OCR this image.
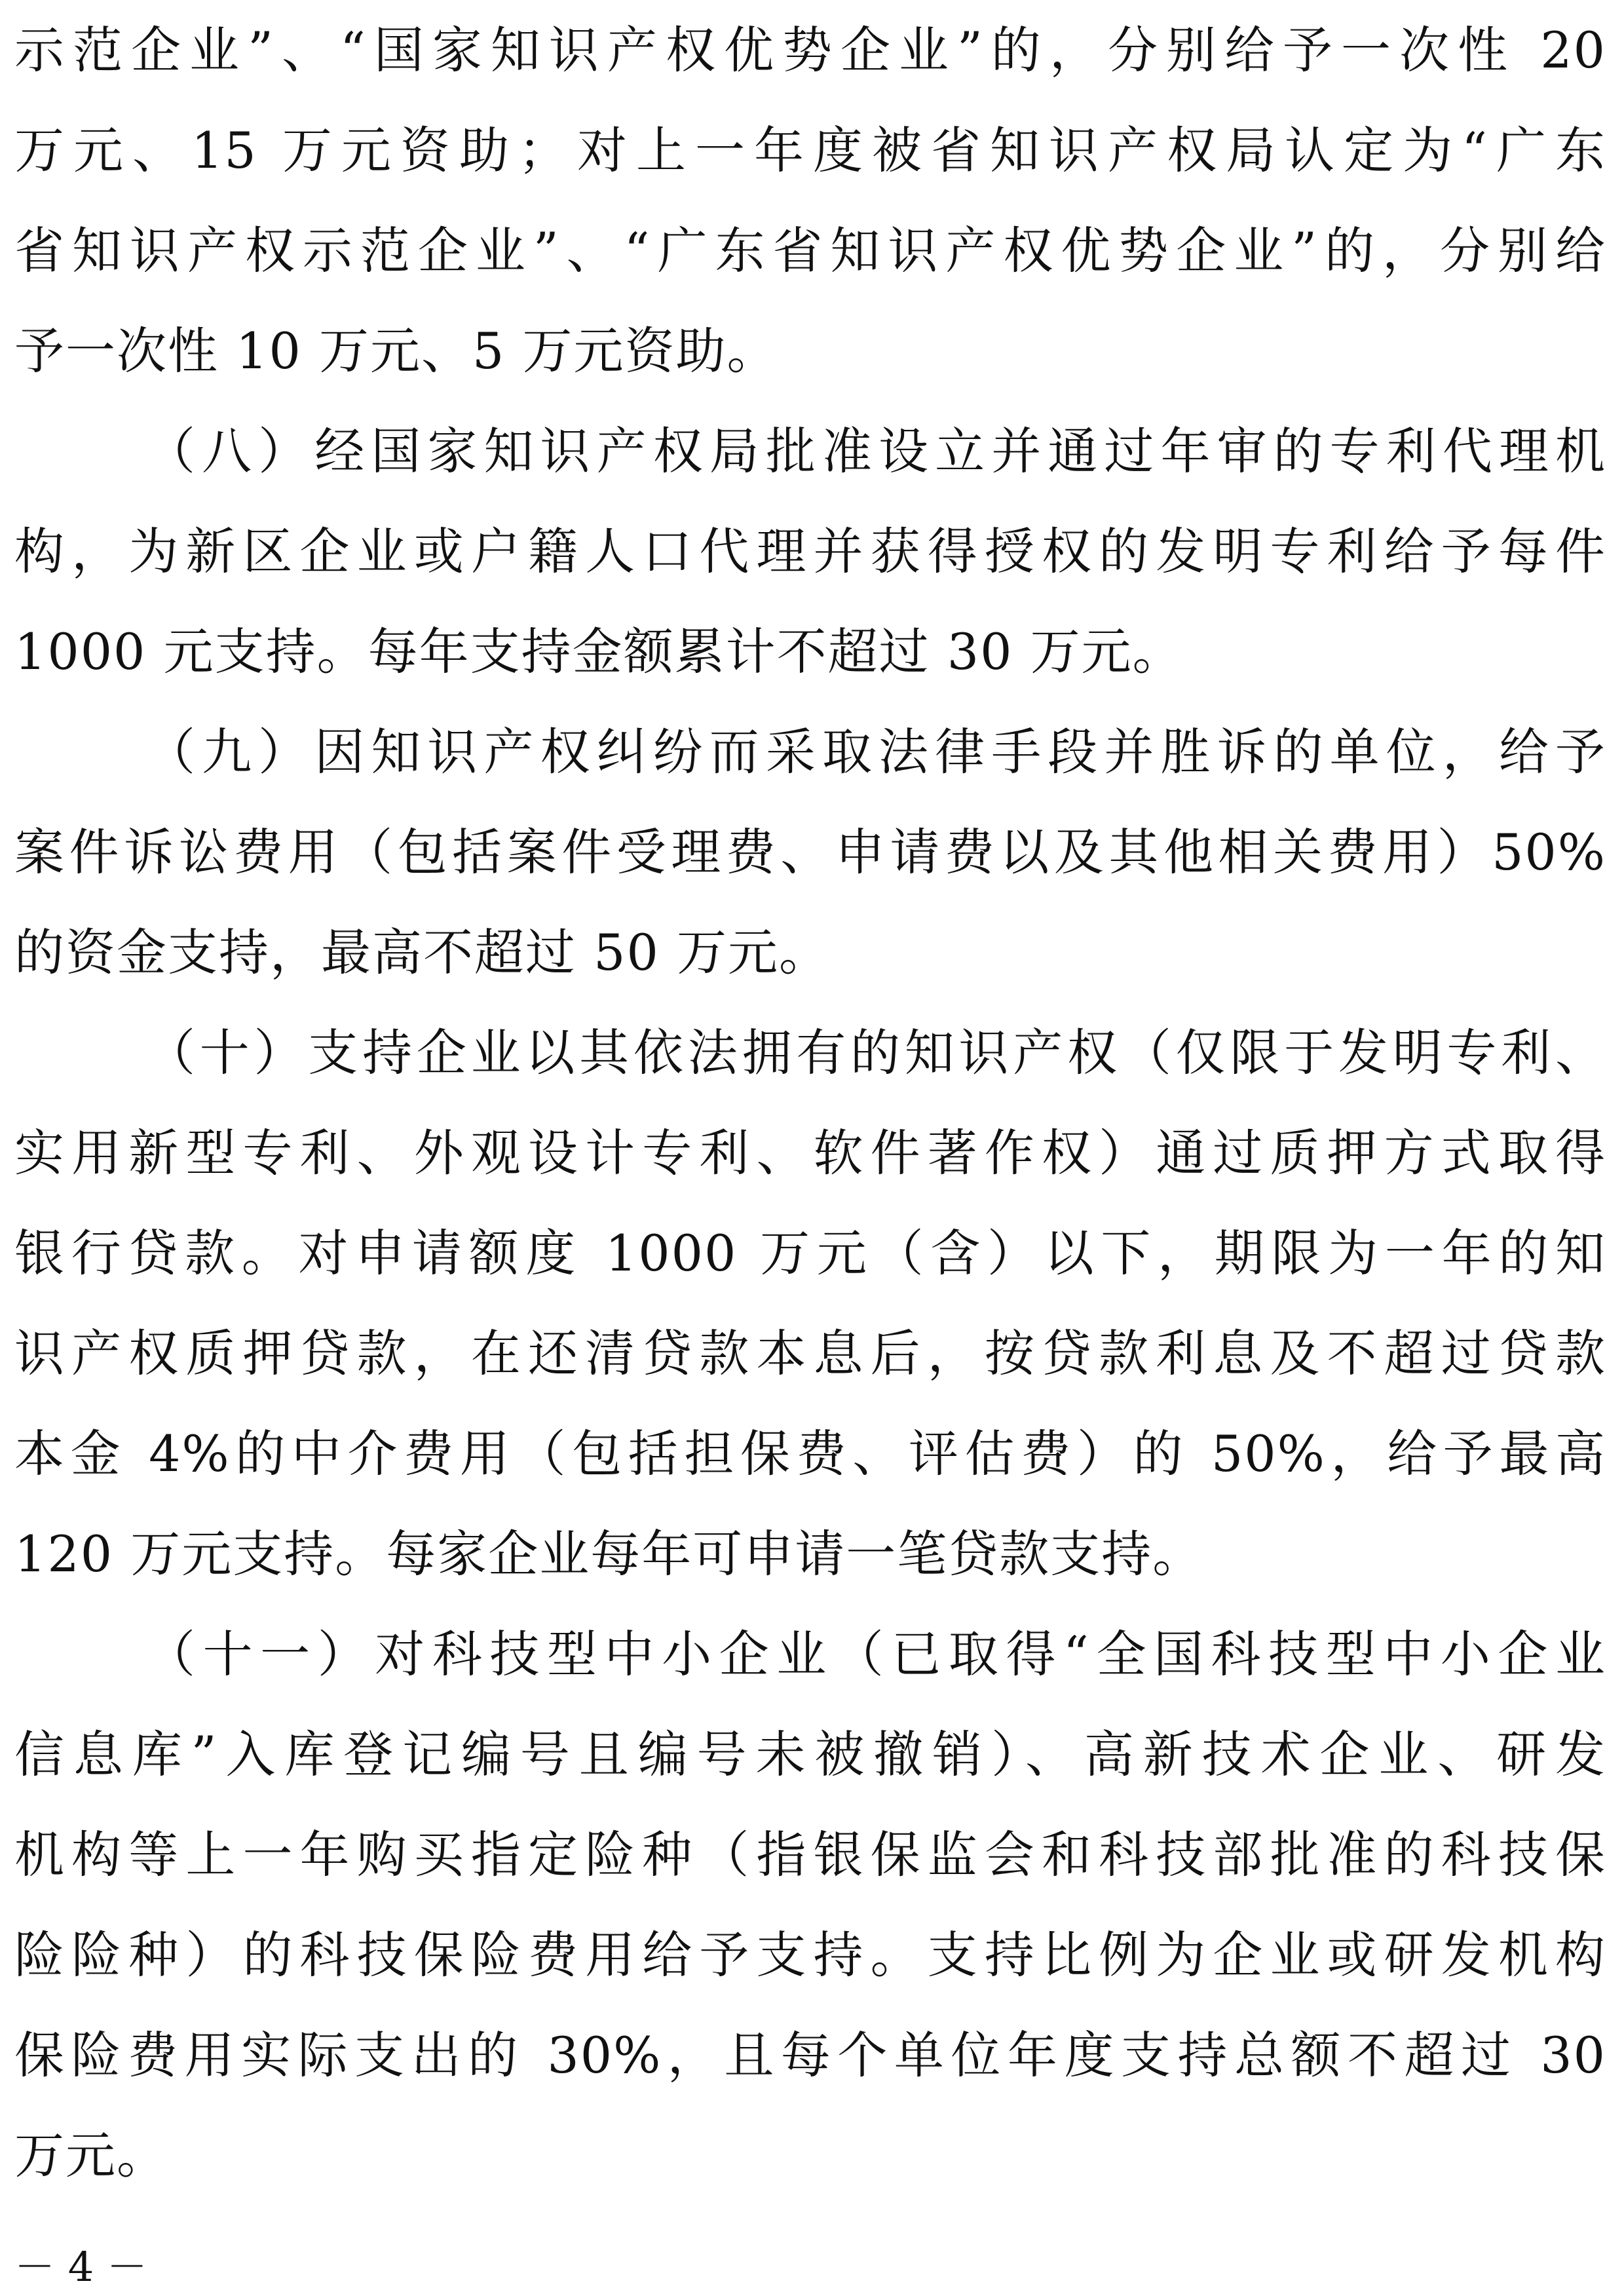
示范企业”、“国家知识产权优势企业”的，分别给予一次性 20
万元、15 万元资助；对上一年度被省知识产权局认定为“广东
省知识产权示范企业”、“广东省知识产权优势企业”的，分别给
予一次性 10 万元、5 万元资助。
（八）经国家知识产权局批准设立并通过年审的专利代理机
构，为新区企业或户籍人口代理并获得授权的发明专利给予每件
1000 元支持。每年支持金额累计不超过 30 万元。
（九）因知识产权纠纷而采取法律手段并胜诉的单位，给予
案件诉讼费用（包括案件受理费、申请费以及其他相关费用）50%
的资金支持，最高不超过 50 万元。
（十）支持企业以其依法拥有的知识产权（仅限于发明专利、
实用新型专利、外观设计专利、软件著作权）通过质押方式取得
银行贷款。对申请额度 1000 万元（含）以下，期限为一年的知
识产权质押贷款，在还清贷款本息后，按贷款利息及不超过贷款
本金 4%的中介费用（包括担保费、评估费）的 50%，给予最高
120 万元支持。每家企业每年可申请一笔贷款支持。
（十一）对科技型中小企业（已取得“全国科技型中小企业
信息库”入库登记编号且编号未被撤销）、高新技术企业、研发
机构等上一年购买指定险种（指银保监会和科技部批准的科技保
险险种）的科技保险费用给予支持。支持比例为企业或研发机构
保险费用实际支出的 30%，且每个单位年度支持总额不超过 30
万元。
－ 4 －
